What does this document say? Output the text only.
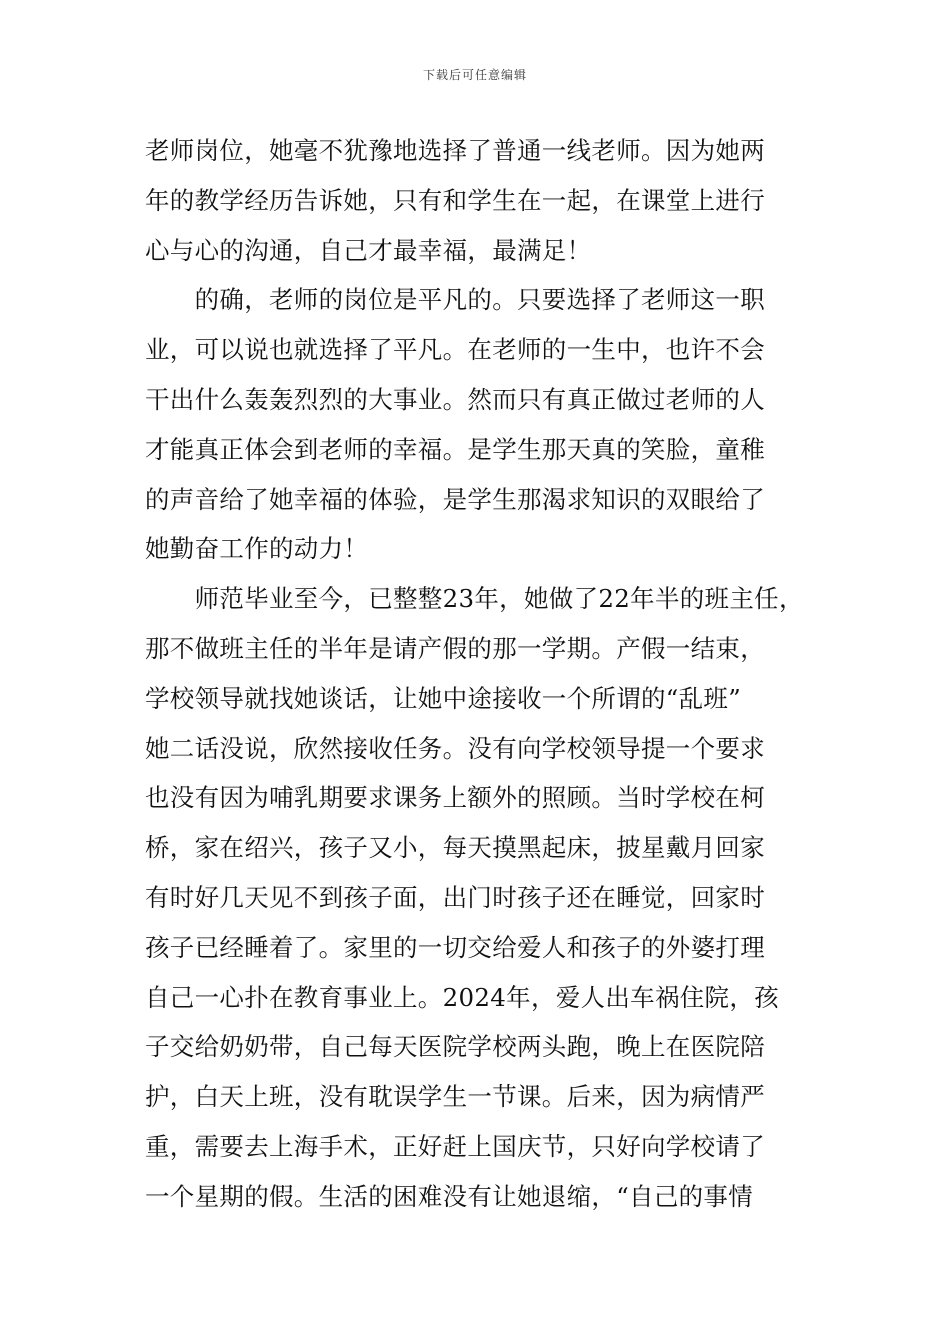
下载后可任意编辑
老师岗位，她毫不犹豫地选择了普通一线老师。因为她两
年的教学经历告诉她，只有和学生在一起，在课堂上进行
心与心的沟通，自己才最幸福，最满足！
　　的确，老师的岗位是平凡的。只要选择了老师这一职
业，可以说也就选择了平凡。在老师的一生中，也许不会
干出什么轰轰烈烈的大事业。然而只有真正做过老师的人
才能真正体会到老师的幸福。是学生那天真的笑脸，童稚
的声音给了她幸福的体验，是学生那渴求知识的双眼给了
她勤奋工作的动力！
　　师范毕业至今，已整整23年，她做了22年半的班主任，
那不做班主任的半年是请产假的那一学期。产假一结束，
学校领导就找她谈话，让她中途接收一个所谓的“乱班”
她二话没说，欣然接收任务。没有向学校领导提一个要求
也没有因为哺乳期要求课务上额外的照顾。当时学校在柯
桥，家在绍兴，孩子又小，每天摸黑起床，披星戴月回家
有时好几天见不到孩子面，出门时孩子还在睡觉，回家时
孩子已经睡着了。家里的一切交给爱人和孩子的外婆打理
自己一心扑在教育事业上。2024年，爱人出车祸住院，孩
子交给奶奶带，自己每天医院学校两头跑，晚上在医院陪
护，白天上班，没有耽误学生一节课。后来，因为病情严
重，需要去上海手术，正好赶上国庆节，只好向学校请了
一个星期的假。生活的困难没有让她退缩，“自己的事情
